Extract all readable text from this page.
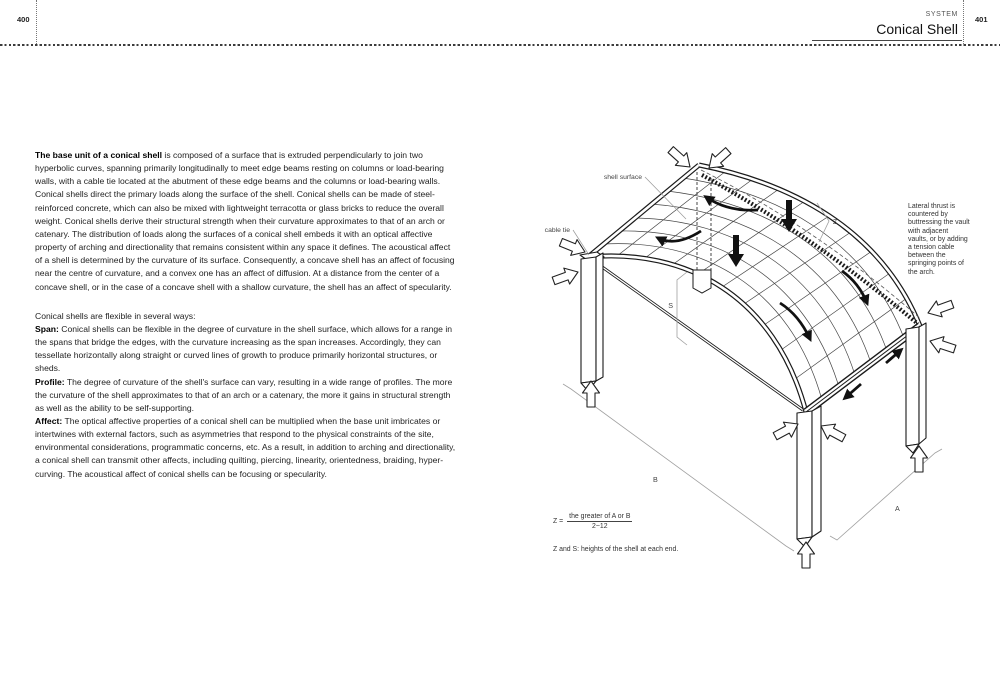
400
SYSTEM
Conical Shell
401

The base unit of a conical shell is composed of a surface that is extruded perpendicularly to join two hyperbolic curves, spanning primarily longitudinally to meet edge beams resting on columns or load-bearing walls, with a cable tie located at the abutment of these edge beams and the columns or load-bearing walls. Conical shells direct the primary loads along the surface of the shell. Conical shells can be made of steel-reinforced concrete, which can also be mixed with lightweight terracotta or glass bricks to reduce the overall weight. Conical shells derive their structural strength when their curvature approximates to that of an arch or catenary. The distribution of loads along the surfaces of a conical shell embeds it with an optical affective property of arching and directionality that remains consistent within any space it defines. The acoustical affect of a shell is determined by the curvature of its surface. Consequently, a concave shell has an affect of focusing near the centre of curvature, and a convex one has an affect of diffusion. At a distance from the center of a concave shell, or in the case of a concave shell with a shallow curvature, the shell has an affect of specularity.

Conical shells are flexible in several ways:

Span: Conical shells can be flexible in the degree of curvature in the shell surface, which allows for a range in the spans that bridge the edges, with the curvature increasing as the span increases. Accordingly, they can tessellate horizontally along straight or curved lines of growth to produce primarily horizontal structures, or sheds.

Profile: The degree of curvature of the shell's surface can vary, resulting in a wide range of profiles. The more the curvature of the shell approximates to that of an arch or a catenary, the more it gains in structural strength as well as the ability to be self-supporting.

Affect: The optical affective properties of a conical shell can be multiplied when the base unit imbricates or intertwines with external factors, such as asymmetries that respond to the physical constraints of the site, environmental considerations, programmatic concerns, etc. As a result, in addition to arching and directionality, a conical shell can transmit other affects, including quilting, piercing, linearity, orientedness, braiding, hyper-curving. The acoustical affect of conical shells can be focusing or specularity.

shell surface
cable tie
Z
S
A
B
Lateral thrust is countered by buttressing the vault with adjacent vaults, or by adding a tension cable between the springing points of the arch.
$Z = \frac{\text{the greater of A or B}}{2\sim 12}$
Z and S: heights of the shell at each end.
